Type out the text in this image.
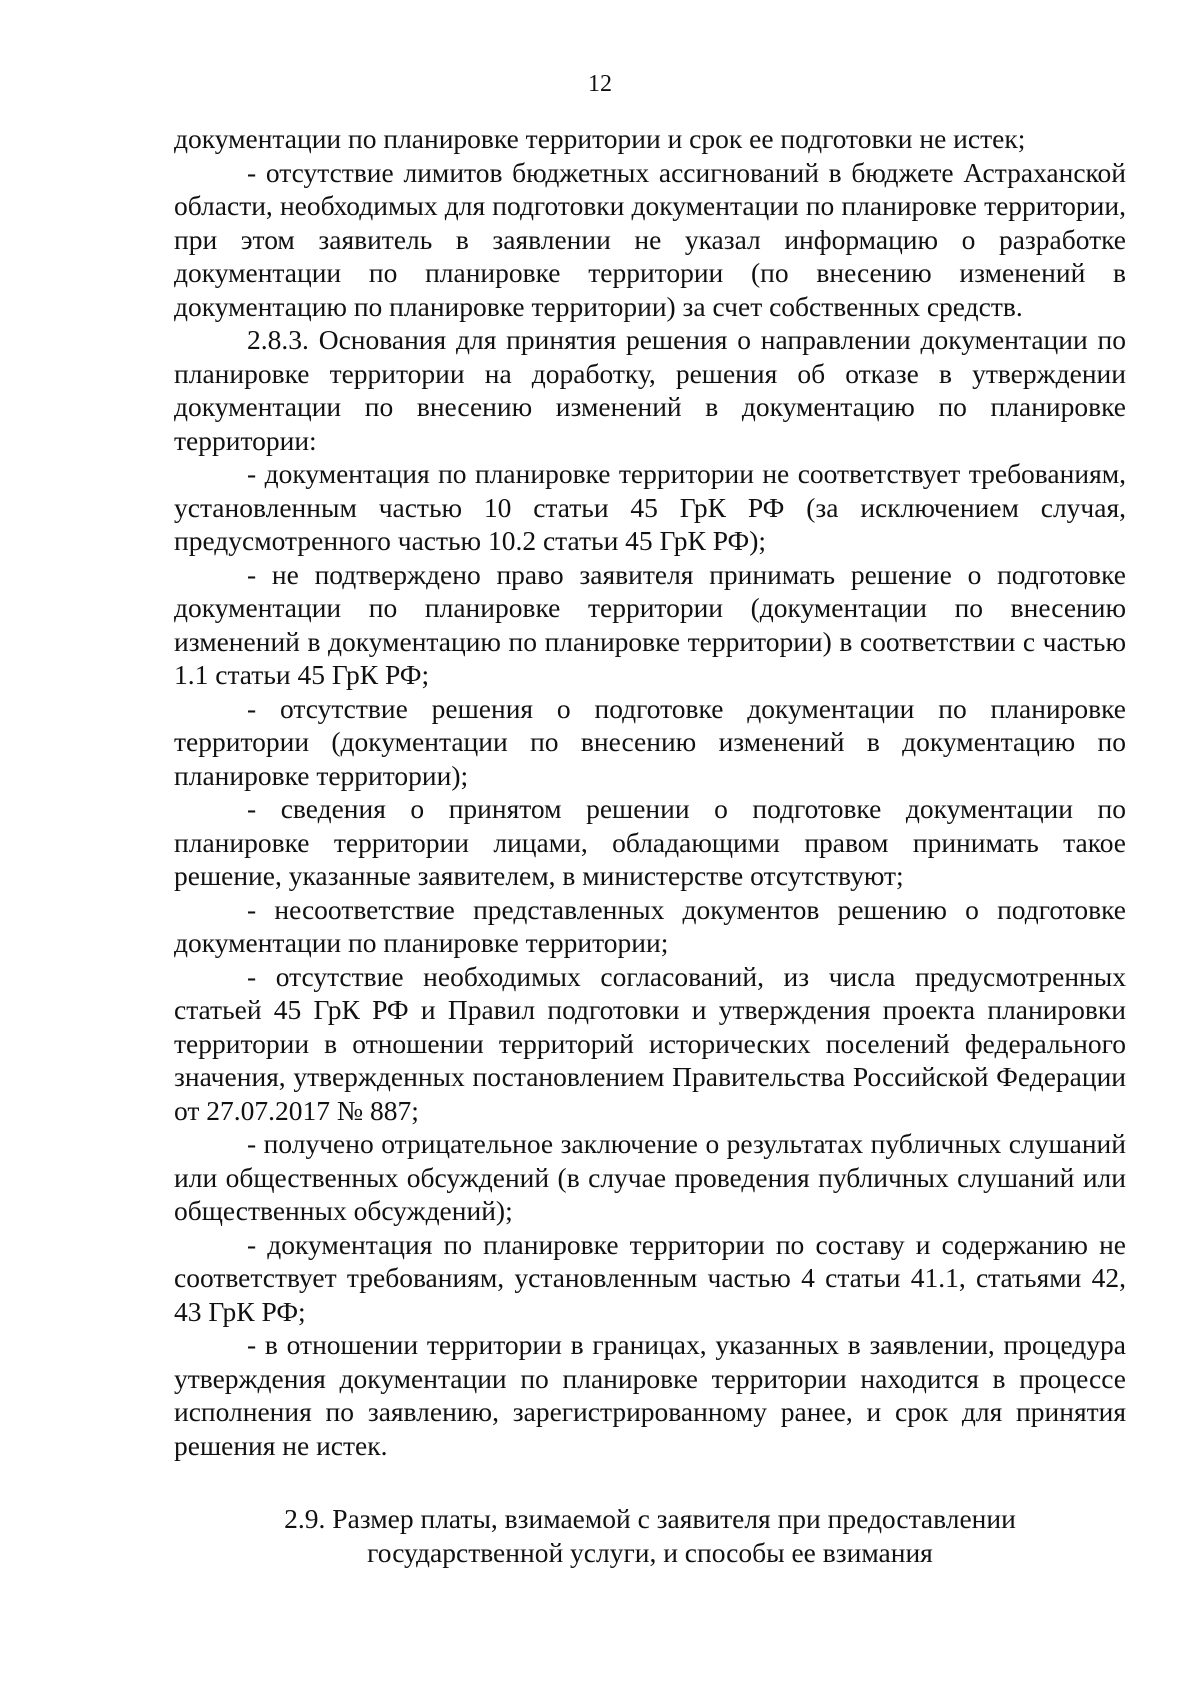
12

документации по планировке территории и срок ее подготовки не истек;

- отсутствие лимитов бюджетных ассигнований в бюджете Астраханской области, необходимых для подготовки документации по планировке территории, при этом заявитель в заявлении не указал информацию о разработке документации по планировке территории (по внесению изменений в документацию по планировке территории) за счет собственных средств.

2.8.3. Основания для принятия решения о направлении документации по планировке территории на доработку, решения об отказе в утверждении документации по внесению изменений в документацию по планировке территории:

- документация по планировке территории не соответствует требованиям, установленным частью 10 статьи 45 ГрК РФ (за исключением случая, предусмотренного частью 10.2 статьи 45 ГрК РФ);

- не подтверждено право заявителя принимать решение о подготовке документации по планировке территории (документации по внесению изменений в документацию по планировке территории) в соответствии с частью 1.1 статьи 45 ГрК РФ;

- отсутствие решения о подготовке документации по планировке территории (документации по внесению изменений в документацию по планировке территории);

- сведения о принятом решении о подготовке документации по планировке территории лицами, обладающими правом принимать такое решение, указанные заявителем, в министерстве отсутствуют;

- несоответствие представленных документов решению о подготовке документации по планировке территории;

- отсутствие необходимых согласований, из числа предусмотренных статьей 45 ГрК РФ и Правил подготовки и утверждения проекта планировки территории в отношении территорий исторических поселений федерального значения, утвержденных постановлением Правительства Российской Федерации от 27.07.2017 № 887;

- получено отрицательное заключение о результатах публичных слушаний или общественных обсуждений (в случае проведения публичных слушаний или общественных обсуждений);

- документация по планировке территории по составу и содержанию не соответствует требованиям, установленным частью 4 статьи 41.1, статьями 42, 43 ГрК РФ;

- в отношении территории в границах, указанных в заявлении, процедура утверждения документации по планировке территории находится в процессе исполнения по заявлению, зарегистрированному ранее, и срок для принятия решения не истек.

2.9. Размер платы, взимаемой с заявителя при предоставлении
государственной услуги, и способы ее взимания
